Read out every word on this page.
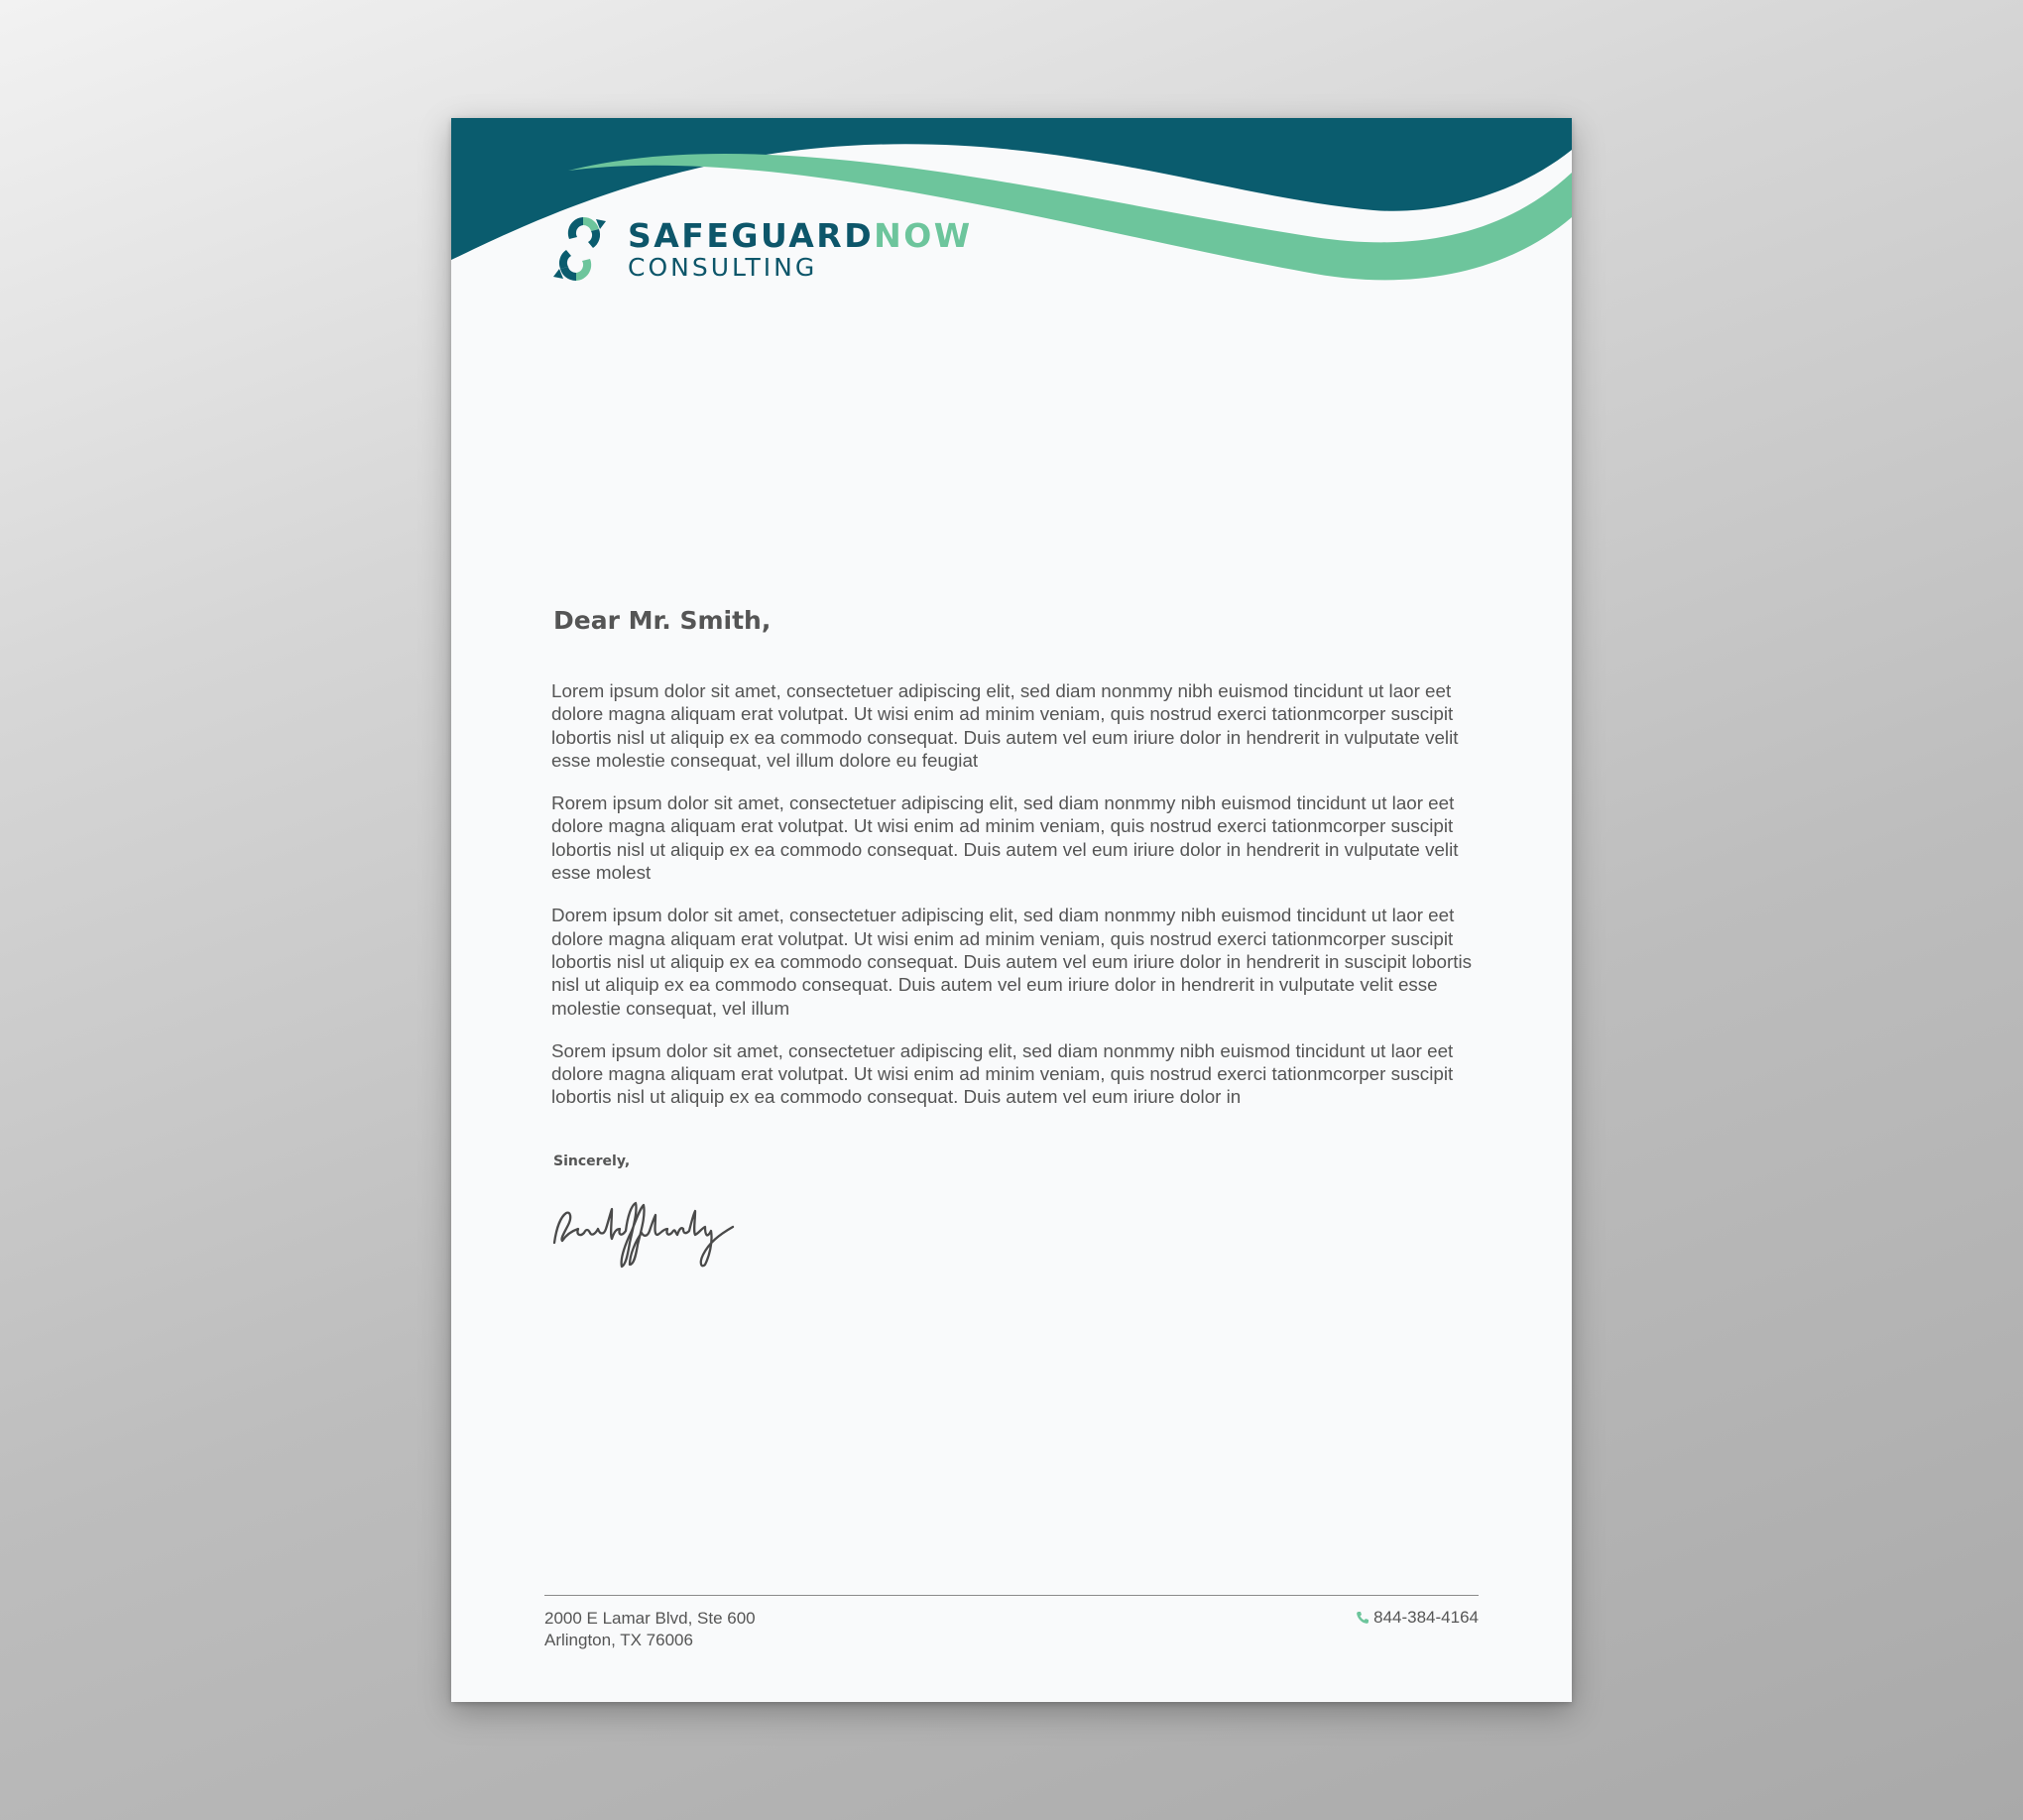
SAFEGUARDNOW
CONSULTING
Dear Mr. Smith,

Lorem ipsum dolor sit amet, consectetuer adipiscing elit, sed diam nonmmy nibh euismod tincidunt ut laor eet dolore magna aliquam erat volutpat. Ut wisi enim ad minim veniam, quis nostrud exerci tationmcorper suscipit lobortis nisl ut aliquip ex ea commodo consequat. Duis autem vel eum iriure dolor in hendrerit in vulputate velit esse molestie consequat, vel illum dolore eu feugiat

Rorem ipsum dolor sit amet, consectetuer adipiscing elit, sed diam nonmmy nibh euismod tincidunt ut laor eet dolore magna aliquam erat volutpat. Ut wisi enim ad minim veniam, quis nostrud exerci tationmcorper suscipit lobortis nisl ut aliquip ex ea commodo consequat. Duis autem vel eum iriure dolor in hendrerit in vulputate velit esse molest

Dorem ipsum dolor sit amet, consectetuer adipiscing elit, sed diam nonmmy nibh euismod tincidunt ut laor eet dolore magna aliquam erat volutpat. Ut wisi enim ad minim veniam, quis nostrud exerci tationmcorper suscipit lobortis nisl ut aliquip ex ea commodo consequat. Duis autem vel eum iriure dolor in hendrerit in suscipit lobortis nisl ut aliquip ex ea commodo consequat. Duis autem vel eum iriure dolor in hendrerit in vulputate velit esse molestie consequat, vel illum

Sorem ipsum dolor sit amet, consectetuer adipiscing elit, sed diam nonmmy nibh euismod tincidunt ut laor eet dolore magna aliquam erat volutpat. Ut wisi enim ad minim veniam, quis nostrud exerci tationmcorper suscipit lobortis nisl ut aliquip ex ea commodo consequat. Duis autem vel eum iriure dolor in

Sincerely,
2000 E Lamar Blvd, Ste 600
Arlington, TX 76006
844-384-4164
